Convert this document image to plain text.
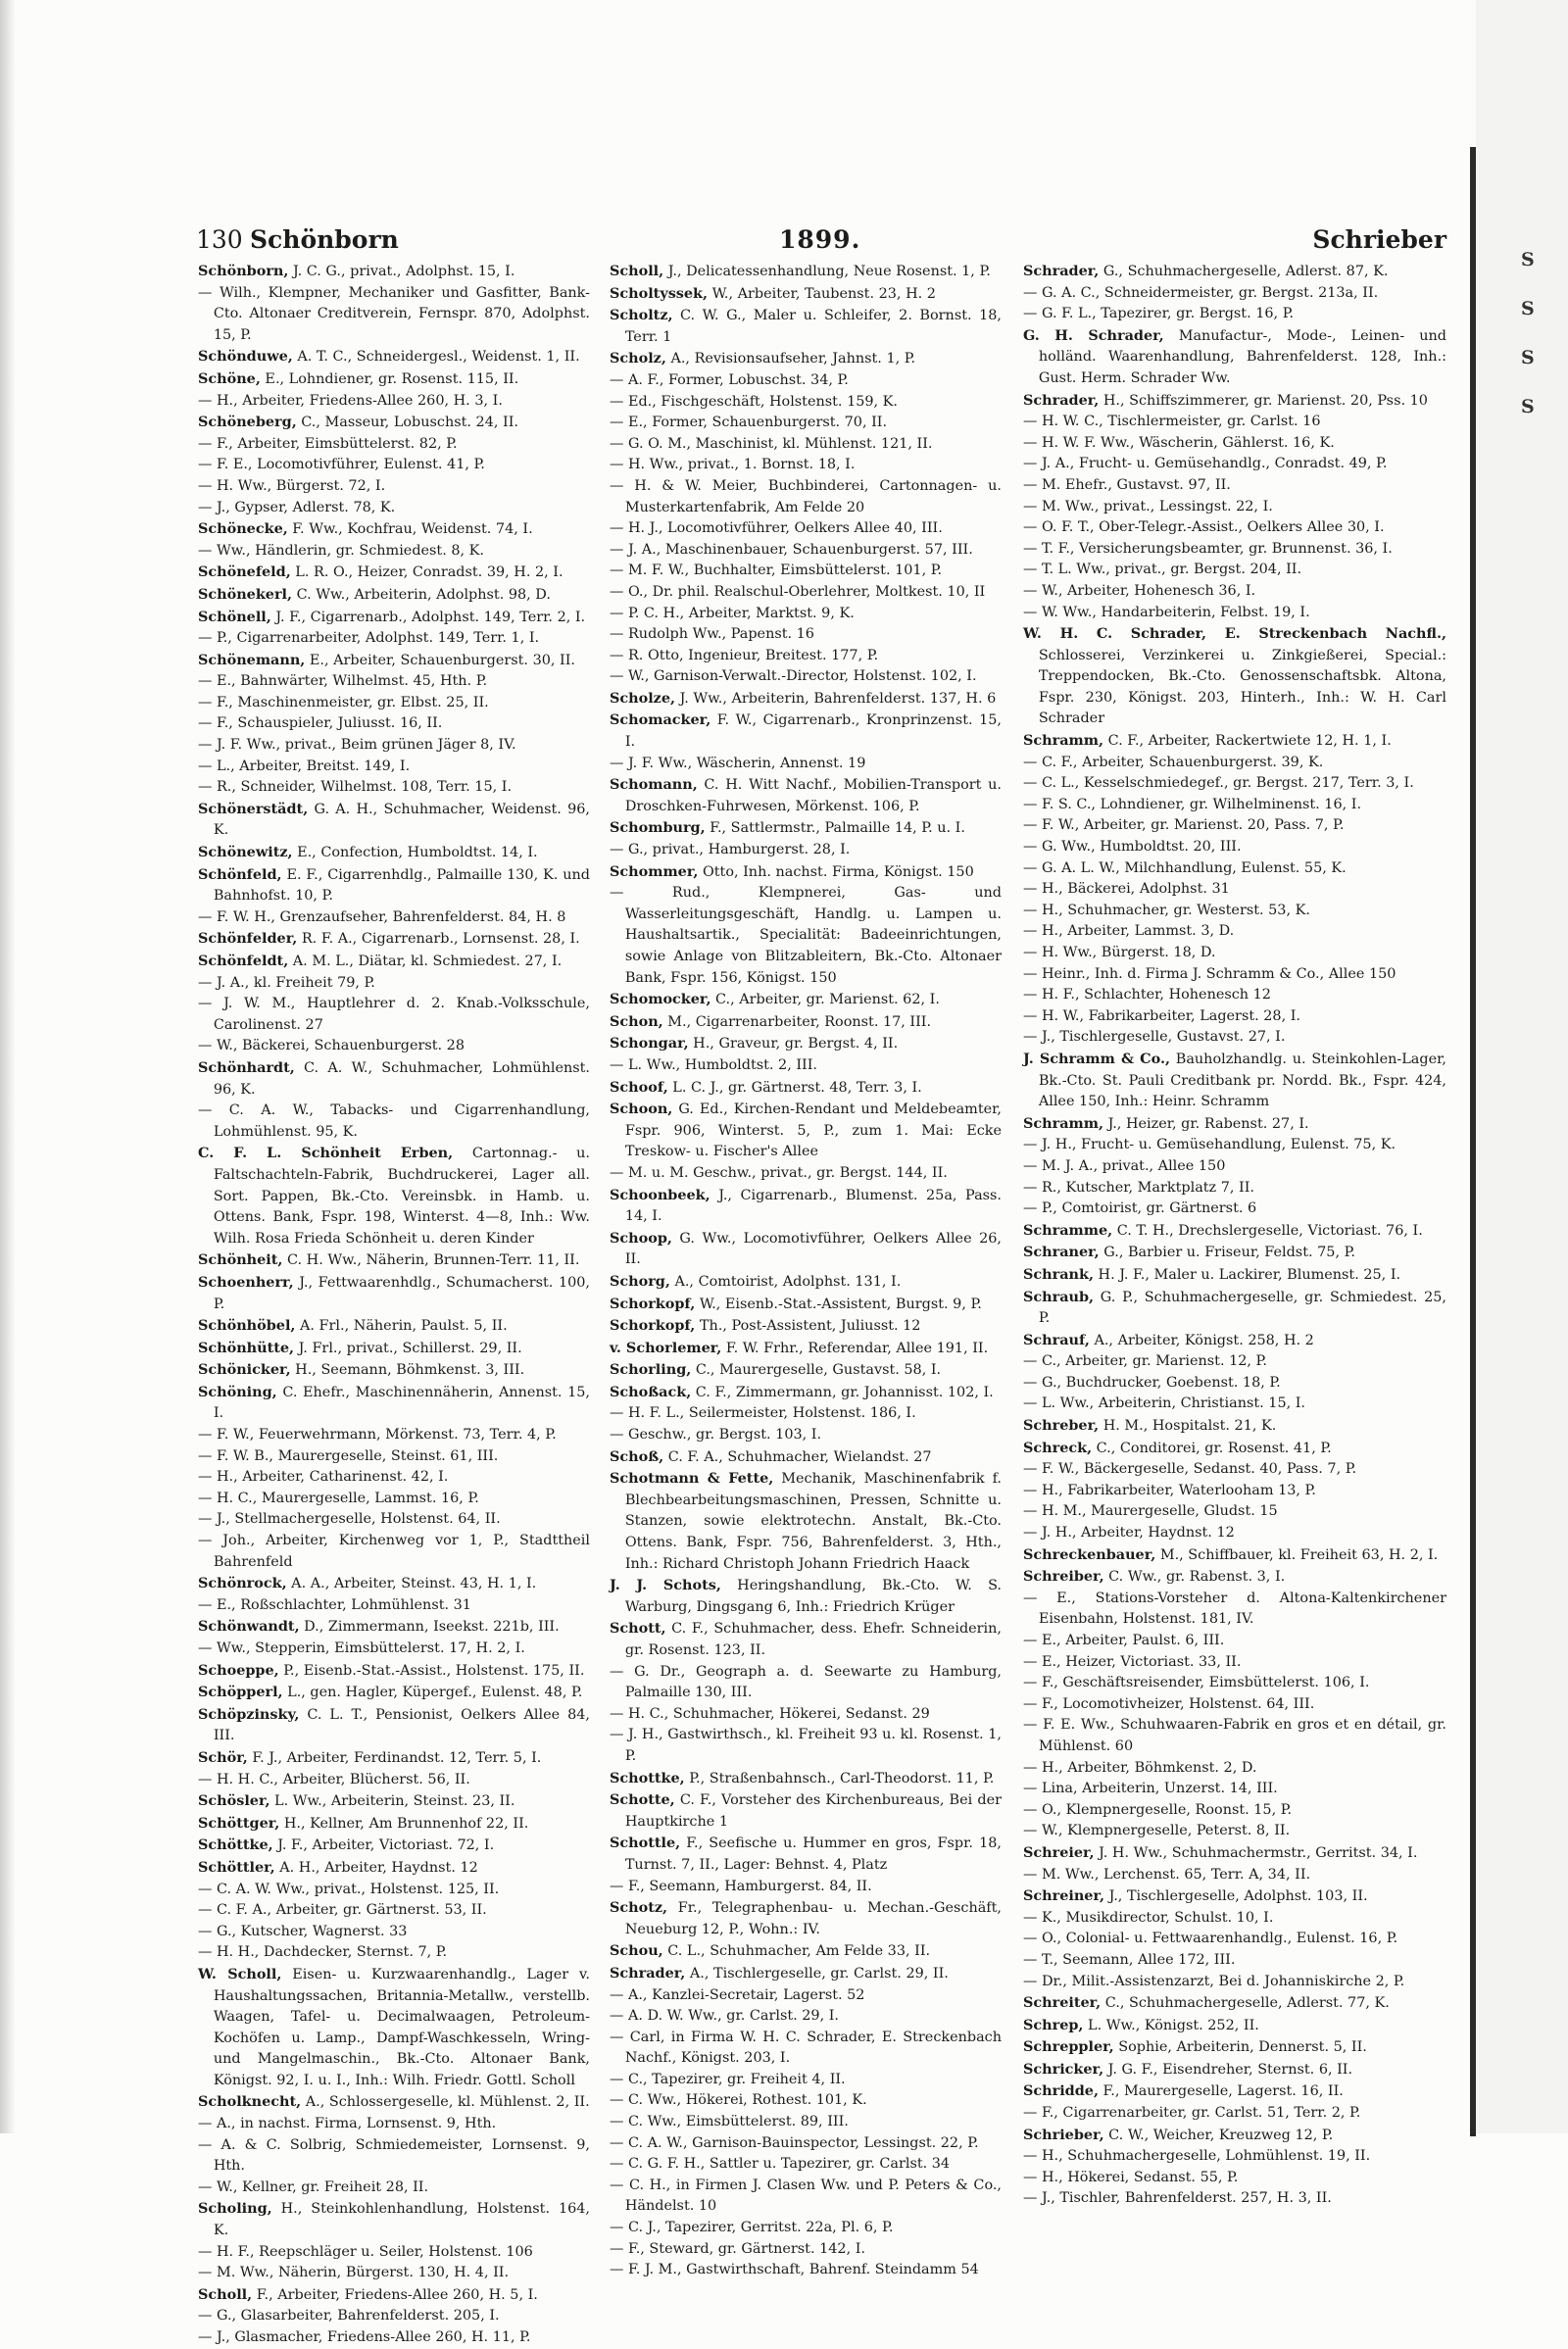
S
S
S
S
130 Schönborn	1899.	Schrieber

Schönborn, J. C. G., privat., Adolphst. 15, I.

— Wilh., Klempner, Mechaniker und Gasfitter, Bank-Cto. Altonaer Creditverein, Fernspr. 870, Adolphst. 15, P.

Schönduwe, A. T. C., Schneidergesl., Weidenst. 1, II.

Schöne, E., Lohndiener, gr. Rosenst. 115, II.

— H., Arbeiter, Friedens-Allee 260, H. 3, I.

Schöneberg, C., Masseur, Lobuschst. 24, II.

— F., Arbeiter, Eimsbüttelerst. 82, P.

— F. E., Locomotivführer, Eulenst. 41, P.

— H. Ww., Bürgerst. 72, I.

— J., Gypser, Adlerst. 78, K.

Schönecke, F. Ww., Kochfrau, Weidenst. 74, I.

— Ww., Händlerin, gr. Schmiedest. 8, K.

Schönefeld, L. R. O., Heizer, Conradst. 39, H. 2, I.

Schönekerl, C. Ww., Arbeiterin, Adolphst. 98, D.

Schönell, J. F., Cigarrenarb., Adolphst. 149, Terr. 2, I.

— P., Cigarrenarbeiter, Adolphst. 149, Terr. 1, I.

Schönemann, E., Arbeiter, Schauenburgerst. 30, II.

— E., Bahnwärter, Wilhelmst. 45, Hth. P.

— F., Maschinenmeister, gr. Elbst. 25, II.

— F., Schauspieler, Juliusst. 16, II.

— J. F. Ww., privat., Beim grünen Jäger 8, IV.

— L., Arbeiter, Breitst. 149, I.

— R., Schneider, Wilhelmst. 108, Terr. 15, I.

Schönerstädt, G. A. H., Schuhmacher, Weidenst. 96, K.

Schönewitz, E., Confection, Humboldtst. 14, I.

Schönfeld, E. F., Cigarrenhdlg., Palmaille 130, K. und Bahnhofst. 10, P.

— F. W. H., Grenzaufseher, Bahrenfelderst. 84, H. 8

Schönfelder, R. F. A., Cigarrenarb., Lornsenst. 28, I.

Schönfeldt, A. M. L., Diätar, kl. Schmiedest. 27, I.

— J. A., kl. Freiheit 79, P.

— J. W. M., Hauptlehrer d. 2. Knab.-Volksschule, Carolinenst. 27

— W., Bäckerei, Schauenburgerst. 28

Schönhardt, C. A. W., Schuhmacher, Lohmühlenst. 96, K.

— C. A. W., Tabacks- und Cigarrenhandlung, Lohmühlenst. 95, K.

C. F. L. Schönheit Erben, Cartonnag.- u. Faltschachteln-Fabrik, Buchdruckerei, Lager all. Sort. Pappen, Bk.-Cto. Vereinsbk. in Hamb. u. Ottens. Bank, Fspr. 198, Winterst. 4—8, Inh.: Ww. Wilh. Rosa Frieda Schönheit u. deren Kinder

Schönheit, C. H. Ww., Näherin, Brunnen-Terr. 11, II.

Schoenherr, J., Fettwaarenhdlg., Schumacherst. 100, P.

Schönhöbel, A. Frl., Näherin, Paulst. 5, II.

Schönhütte, J. Frl., privat., Schillerst. 29, II.

Schönicker, H., Seemann, Böhmkenst. 3, III.

Schöning, C. Ehefr., Maschinennäherin, Annenst. 15, I.

— F. W., Feuerwehrmann, Mörkenst. 73, Terr. 4, P.

— F. W. B., Maurergeselle, Steinst. 61, III.

— H., Arbeiter, Catharinenst. 42, I.

— H. C., Maurergeselle, Lammst. 16, P.

— J., Stellmachergeselle, Holstenst. 64, II.

— Joh., Arbeiter, Kirchenweg vor 1, P., Stadttheil Bahrenfeld

Schönrock, A. A., Arbeiter, Steinst. 43, H. 1, I.

— E., Roßschlachter, Lohmühlenst. 31

Schönwandt, D., Zimmermann, Iseekst. 221b, III.

— Ww., Stepperin, Eimsbüttelerst. 17, H. 2, I.

Schoeppe, P., Eisenb.-Stat.-Assist., Holstenst. 175, II.

Schöpperl, L., gen. Hagler, Küpergef., Eulenst. 48, P.

Schöpzinsky, C. L. T., Pensionist, Oelkers Allee 84, III.

Schör, F. J., Arbeiter, Ferdinandst. 12, Terr. 5, I.

— H. H. C., Arbeiter, Blücherst. 56, II.

Schösler, L. Ww., Arbeiterin, Steinst. 23, II.

Schöttger, H., Kellner, Am Brunnenhof 22, II.

Schöttke, J. F., Arbeiter, Victoriast. 72, I.

Schöttler, A. H., Arbeiter, Haydnst. 12

— C. A. W. Ww., privat., Holstenst. 125, II.

— C. F. A., Arbeiter, gr. Gärtnerst. 53, II.

— G., Kutscher, Wagnerst. 33

— H. H., Dachdecker, Sternst. 7, P.

W. Scholl, Eisen- u. Kurzwaarenhandlg., Lager v. Haushaltungssachen, Britannia-Metallw., verstellb. Waagen, Tafel- u. Decimalwaagen, Petroleum-Kochöfen u. Lamp., Dampf-Waschkesseln, Wring- und Mangelmaschin., Bk.-Cto. Altonaer Bank, Königst. 92, I. u. I., Inh.: Wilh. Friedr. Gottl. Scholl

Scholknecht, A., Schlossergeselle, kl. Mühlenst. 2, II.

— A., in nachst. Firma, Lornsenst. 9, Hth.

— A. & C. Solbrig, Schmiedemeister, Lornsenst. 9, Hth.

— W., Kellner, gr. Freiheit 28, II.

Scholing, H., Steinkohlenhandlung, Holstenst. 164, K.

— H. F., Reepschläger u. Seiler, Holstenst. 106

— M. Ww., Näherin, Bürgerst. 130, H. 4, II.

Scholl, F., Arbeiter, Friedens-Allee 260, H. 5, I.

— G., Glasarbeiter, Bahrenfelderst. 205, I.

— J., Glasmacher, Friedens-Allee 260, H. 11, P.

Scholl, J., Delicatessenhandlung, Neue Rosenst. 1, P.

Scholtyssek, W., Arbeiter, Taubenst. 23, H. 2

Scholtz, C. W. G., Maler u. Schleifer, 2. Bornst. 18, Terr. 1

Scholz, A., Revisionsaufseher, Jahnst. 1, P.

— A. F., Former, Lobuschst. 34, P.

— Ed., Fischgeschäft, Holstenst. 159, K.

— E., Former, Schauenburgerst. 70, II.

— G. O. M., Maschinist, kl. Mühlenst. 121, II.

— H. Ww., privat., 1. Bornst. 18, I.

— H. & W. Meier, Buchbinderei, Cartonnagen- u. Musterkartenfabrik, Am Felde 20

— H. J., Locomotivführer, Oelkers Allee 40, III.

— J. A., Maschinenbauer, Schauenburgerst. 57, III.

— M. F. W., Buchhalter, Eimsbüttelerst. 101, P.

— O., Dr. phil. Realschul-Oberlehrer, Moltkest. 10, II

— P. C. H., Arbeiter, Marktst. 9, K.

— Rudolph Ww., Papenst. 16

— R. Otto, Ingenieur, Breitest. 177, P.

— W., Garnison-Verwalt.-Director, Holstenst. 102, I.

Scholze, J. Ww., Arbeiterin, Bahrenfelderst. 137, H. 6

Schomacker, F. W., Cigarrenarb., Kronprinzenst. 15, I.

— J. F. Ww., Wäscherin, Annenst. 19

Schomann, C. H. Witt Nachf., Mobilien-Transport u. Droschken-Fuhrwesen, Mörkenst. 106, P.

Schomburg, F., Sattlermstr., Palmaille 14, P. u. I.

— G., privat., Hamburgerst. 28, I.

Schommer, Otto, Inh. nachst. Firma, Königst. 150

— Rud., Klempnerei, Gas- und Wasserleitungsgeschäft, Handlg. u. Lampen u. Haushaltsartik., Specialität: Badeeinrichtungen, sowie Anlage von Blitzableitern, Bk.-Cto. Altonaer Bank, Fspr. 156, Königst. 150

Schomocker, C., Arbeiter, gr. Marienst. 62, I.

Schon, M., Cigarrenarbeiter, Roonst. 17, III.

Schongar, H., Graveur, gr. Bergst. 4, II.

— L. Ww., Humboldtst. 2, III.

Schoof, L. C. J., gr. Gärtnerst. 48, Terr. 3, I.

Schoon, G. Ed., Kirchen-Rendant und Meldebeamter, Fspr. 906, Winterst. 5, P., zum 1. Mai: Ecke Treskow- u. Fischer's Allee

— M. u. M. Geschw., privat., gr. Bergst. 144, II.

Schoonbeek, J., Cigarrenarb., Blumenst. 25a, Pass. 14, I.

Schoop, G. Ww., Locomotivführer, Oelkers Allee 26, II.

Schorg, A., Comtoirist, Adolphst. 131, I.

Schorkopf, W., Eisenb.-Stat.-Assistent, Burgst. 9, P.

Schorkopf, Th., Post-Assistent, Juliusst. 12

v. Schorlemer, F. W. Frhr., Referendar, Allee 191, II.

Schorling, C., Maurergeselle, Gustavst. 58, I.

Schoßack, C. F., Zimmermann, gr. Johannisst. 102, I.

— H. F. L., Seilermeister, Holstenst. 186, I.

— Geschw., gr. Bergst. 103, I.

Schoß, C. F. A., Schuhmacher, Wielandst. 27

Schotmann & Fette, Mechanik, Maschinenfabrik f. Blechbearbeitungsmaschinen, Pressen, Schnitte u. Stanzen, sowie elektrotechn. Anstalt, Bk.-Cto. Ottens. Bank, Fspr. 756, Bahrenfelderst. 3, Hth., Inh.: Richard Christoph Johann Friedrich Haack

J. J. Schots, Heringshandlung, Bk.-Cto. W. S. Warburg, Dingsgang 6, Inh.: Friedrich Krüger

Schott, C. F., Schuhmacher, dess. Ehefr. Schneiderin, gr. Rosenst. 123, II.

— G. Dr., Geograph a. d. Seewarte zu Hamburg, Palmaille 130, III.

— H. C., Schuhmacher, Hökerei, Sedanst. 29

— J. H., Gastwirthsch., kl. Freiheit 93 u. kl. Rosenst. 1, P.

Schottke, P., Straßenbahnsch., Carl-Theodorst. 11, P.

Schotte, C. F., Vorsteher des Kirchenbureaus, Bei der Hauptkirche 1

Schottle, F., Seefische u. Hummer en gros, Fspr. 18, Turnst. 7, II., Lager: Behnst. 4, Platz

— F., Seemann, Hamburgerst. 84, II.

Schotz, Fr., Telegraphenbau- u. Mechan.-Geschäft, Neueburg 12, P., Wohn.: IV.

Schou, C. L., Schuhmacher, Am Felde 33, II.

Schrader, A., Tischlergeselle, gr. Carlst. 29, II.

— A., Kanzlei-Secretair, Lagerst. 52

— A. D. W. Ww., gr. Carlst. 29, I.

— Carl, in Firma W. H. C. Schrader, E. Streckenbach Nachf., Königst. 203, I.

— C., Tapezirer, gr. Freiheit 4, II.

— C. Ww., Hökerei, Rothest. 101, K.

— C. Ww., Eimsbüttelerst. 89, III.

— C. A. W., Garnison-Bauinspector, Lessingst. 22, P.

— C. G. F. H., Sattler u. Tapezirer, gr. Carlst. 34

— C. H., in Firmen J. Clasen Ww. und P. Peters & Co., Händelst. 10

— C. J., Tapezirer, Gerritst. 22a, Pl. 6, P.

— F., Steward, gr. Gärtnerst. 142, I.

— F. J. M., Gastwirthschaft, Bahrenf. Steindamm 54

Schrader, G., Schuhmachergeselle, Adlerst. 87, K.

— G. A. C., Schneidermeister, gr. Bergst. 213a, II.

— G. F. L., Tapezirer, gr. Bergst. 16, P.

G. H. Schrader, Manufactur-, Mode-, Leinen- und holländ. Waarenhandlung, Bahrenfelderst. 128, Inh.: Gust. Herm. Schrader Ww.

Schrader, H., Schiffszimmerer, gr. Marienst. 20, Pss. 10

— H. W. C., Tischlermeister, gr. Carlst. 16

— H. W. F. Ww., Wäscherin, Gählerst. 16, K.

— J. A., Frucht- u. Gemüsehandlg., Conradst. 49, P.

— M. Ehefr., Gustavst. 97, II.

— M. Ww., privat., Lessingst. 22, I.

— O. F. T., Ober-Telegr.-Assist., Oelkers Allee 30, I.

— T. F., Versicherungsbeamter, gr. Brunnenst. 36, I.

— T. L. Ww., privat., gr. Bergst. 204, II.

— W., Arbeiter, Hohenesch 36, I.

— W. Ww., Handarbeiterin, Felbst. 19, I.

W. H. C. Schrader, E. Streckenbach Nachfl., Schlosserei, Verzinkerei u. Zinkgießerei, Special.: Treppendocken, Bk.-Cto. Genossenschaftsbk. Altona, Fspr. 230, Königst. 203, Hinterh., Inh.: W. H. Carl Schrader

Schramm, C. F., Arbeiter, Rackertwiete 12, H. 1, I.

— C. F., Arbeiter, Schauenburgerst. 39, K.

— C. L., Kesselschmiedegef., gr. Bergst. 217, Terr. 3, I.

— F. S. C., Lohndiener, gr. Wilhelminenst. 16, I.

— F. W., Arbeiter, gr. Marienst. 20, Pass. 7, P.

— G. Ww., Humboldtst. 20, III.

— G. A. L. W., Milchhandlung, Eulenst. 55, K.

— H., Bäckerei, Adolphst. 31

— H., Schuhmacher, gr. Westerst. 53, K.

— H., Arbeiter, Lammst. 3, D.

— H. Ww., Bürgerst. 18, D.

— Heinr., Inh. d. Firma J. Schramm & Co., Allee 150

— H. F., Schlachter, Hohenesch 12

— H. W., Fabrikarbeiter, Lagerst. 28, I.

— J., Tischlergeselle, Gustavst. 27, I.

J. Schramm & Co., Bauholzhandlg. u. Steinkohlen-Lager, Bk.-Cto. St. Pauli Creditbank pr. Nordd. Bk., Fspr. 424, Allee 150, Inh.: Heinr. Schramm

Schramm, J., Heizer, gr. Rabenst. 27, I.

— J. H., Frucht- u. Gemüsehandlung, Eulenst. 75, K.

— M. J. A., privat., Allee 150

— R., Kutscher, Marktplatz 7, II.

— P., Comtoirist, gr. Gärtnerst. 6

Schramme, C. T. H., Drechslergeselle, Victoriast. 76, I.

Schraner, G., Barbier u. Friseur, Feldst. 75, P.

Schrank, H. J. F., Maler u. Lackirer, Blumenst. 25, I.

Schraub, G. P., Schuhmachergeselle, gr. Schmiedest. 25, P.

Schrauf, A., Arbeiter, Königst. 258, H. 2

— C., Arbeiter, gr. Marienst. 12, P.

— G., Buchdrucker, Goebenst. 18, P.

— L. Ww., Arbeiterin, Christianst. 15, I.

Schreber, H. M., Hospitalst. 21, K.

Schreck, C., Conditorei, gr. Rosenst. 41, P.

— F. W., Bäckergeselle, Sedanst. 40, Pass. 7, P.

— H., Fabrikarbeiter, Waterlooham 13, P.

— H. M., Maurergeselle, Gludst. 15

— J. H., Arbeiter, Haydnst. 12

Schreckenbauer, M., Schiffbauer, kl. Freiheit 63, H. 2, I.

Schreiber, C. Ww., gr. Rabenst. 3, I.

— E., Stations-Vorsteher d. Altona-Kaltenkirchener Eisenbahn, Holstenst. 181, IV.

— E., Arbeiter, Paulst. 6, III.

— E., Heizer, Victoriast. 33, II.

— F., Geschäftsreisender, Eimsbüttelerst. 106, I.

— F., Locomotivheizer, Holstenst. 64, III.

— F. E. Ww., Schuhwaaren-Fabrik en gros et en détail, gr. Mühlenst. 60

— H., Arbeiter, Böhmkenst. 2, D.

— Lina, Arbeiterin, Unzerst. 14, III.

— O., Klempnergeselle, Roonst. 15, P.

— W., Klempnergeselle, Peterst. 8, II.

Schreier, J. H. Ww., Schuhmachermstr., Gerritst. 34, I.

— M. Ww., Lerchenst. 65, Terr. A, 34, II.

Schreiner, J., Tischlergeselle, Adolphst. 103, II.

— K., Musikdirector, Schulst. 10, I.

— O., Colonial- u. Fettwaarenhandlg., Eulenst. 16, P.

— T., Seemann, Allee 172, III.

— Dr., Milit.-Assistenzarzt, Bei d. Johanniskirche 2, P.

Schreiter, C., Schuhmachergeselle, Adlerst. 77, K.

Schrep, L. Ww., Königst. 252, II.

Schreppler, Sophie, Arbeiterin, Dennerst. 5, II.

Schricker, J. G. F., Eisendreher, Sternst. 6, II.

Schridde, F., Maurergeselle, Lagerst. 16, II.

— F., Cigarrenarbeiter, gr. Carlst. 51, Terr. 2, P.

Schrieber, C. W., Weicher, Kreuzweg 12, P.

— H., Schuhmachergeselle, Lohmühlenst. 19, II.

— H., Hökerei, Sedanst. 55, P.

— J., Tischler, Bahrenfelderst. 257, H. 3, II.
